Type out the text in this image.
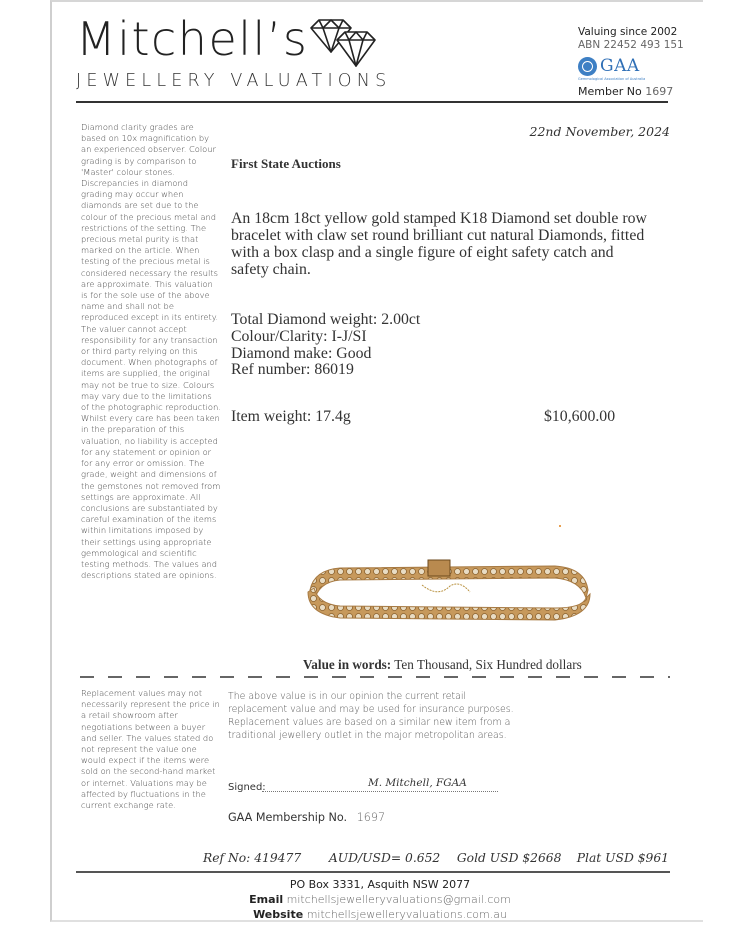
Mitchell’s
JEWELLERY VALUATIONS
Valuing since 2002
ABN 22452 493 151
GAA
Gemmological Association of Australia
Member No 1697
Diamond clarity grades are based on 10x magnification by an experienced observer. Colour grading is by comparison to 'Master' colour stones. Discrepancies in diamond grading may occur when diamonds are set due to the colour of the precious metal and restrictions of the setting. The precious metal purity is that marked on the article. When testing of the precious metal is considered necessary the results are approximate. This valuation is for the sole use of the above name and shall not be reproduced except in its entirety. The valuer cannot accept responsibility for any transaction or third party relying on this document. When photographs of items are supplied, the original may not be true to size. Colours may vary due to the limitations of the photographic reproduction. Whilst every care has been taken in the preparation of this valuation, no liability is accepted for any statement or opinion or for any error or omission. The grade, weight and dimensions of the gemstones not removed from settings are approximate. All conclusions are substantiated by careful examination of the items within limitations imposed by their settings using appropriate gemmological and scientific testing methods. The values and descriptions stated are opinions.
Replacement values may not necessarily represent the price in a retail showroom after negotiations between a buyer and seller. The values stated do not represent the value one would expect if the items were sold on the second-hand market or internet. Valuations may be affected by fluctuations in the current exchange rate.
22nd November, 2024
First State Auctions
An 18cm 18ct yellow gold stamped K18 Diamond set double row bracelet with claw set round brilliant cut natural Diamonds, fitted with a box clasp and a single figure of eight safety catch and safety chain.
Total Diamond weight: 2.00ct
Colour/Clarity: I-J/SI
Diamond make: Good
Ref number: 86019
Item weight: 17.4g	$10,600.00
Value in words: Ten Thousand, Six Hundred dollars
The above value is in our opinion the current retail replacement value and may be used for insurance purposes. Replacement values are based on a similar new item from a traditional jewellery outlet in the major metropolitan areas.
Signed:	M. Mitchell, FGAA
GAA Membership No. 1697
Ref No: 419477 AUD/USD= 0.652 Gold USD $2668 Plat USD $961
PO Box 3331, Asquith NSW 2077
Email mitchellsjewelleryvaluations@gmail.com
Website mitchellsjewelleryvaluations.com.au
